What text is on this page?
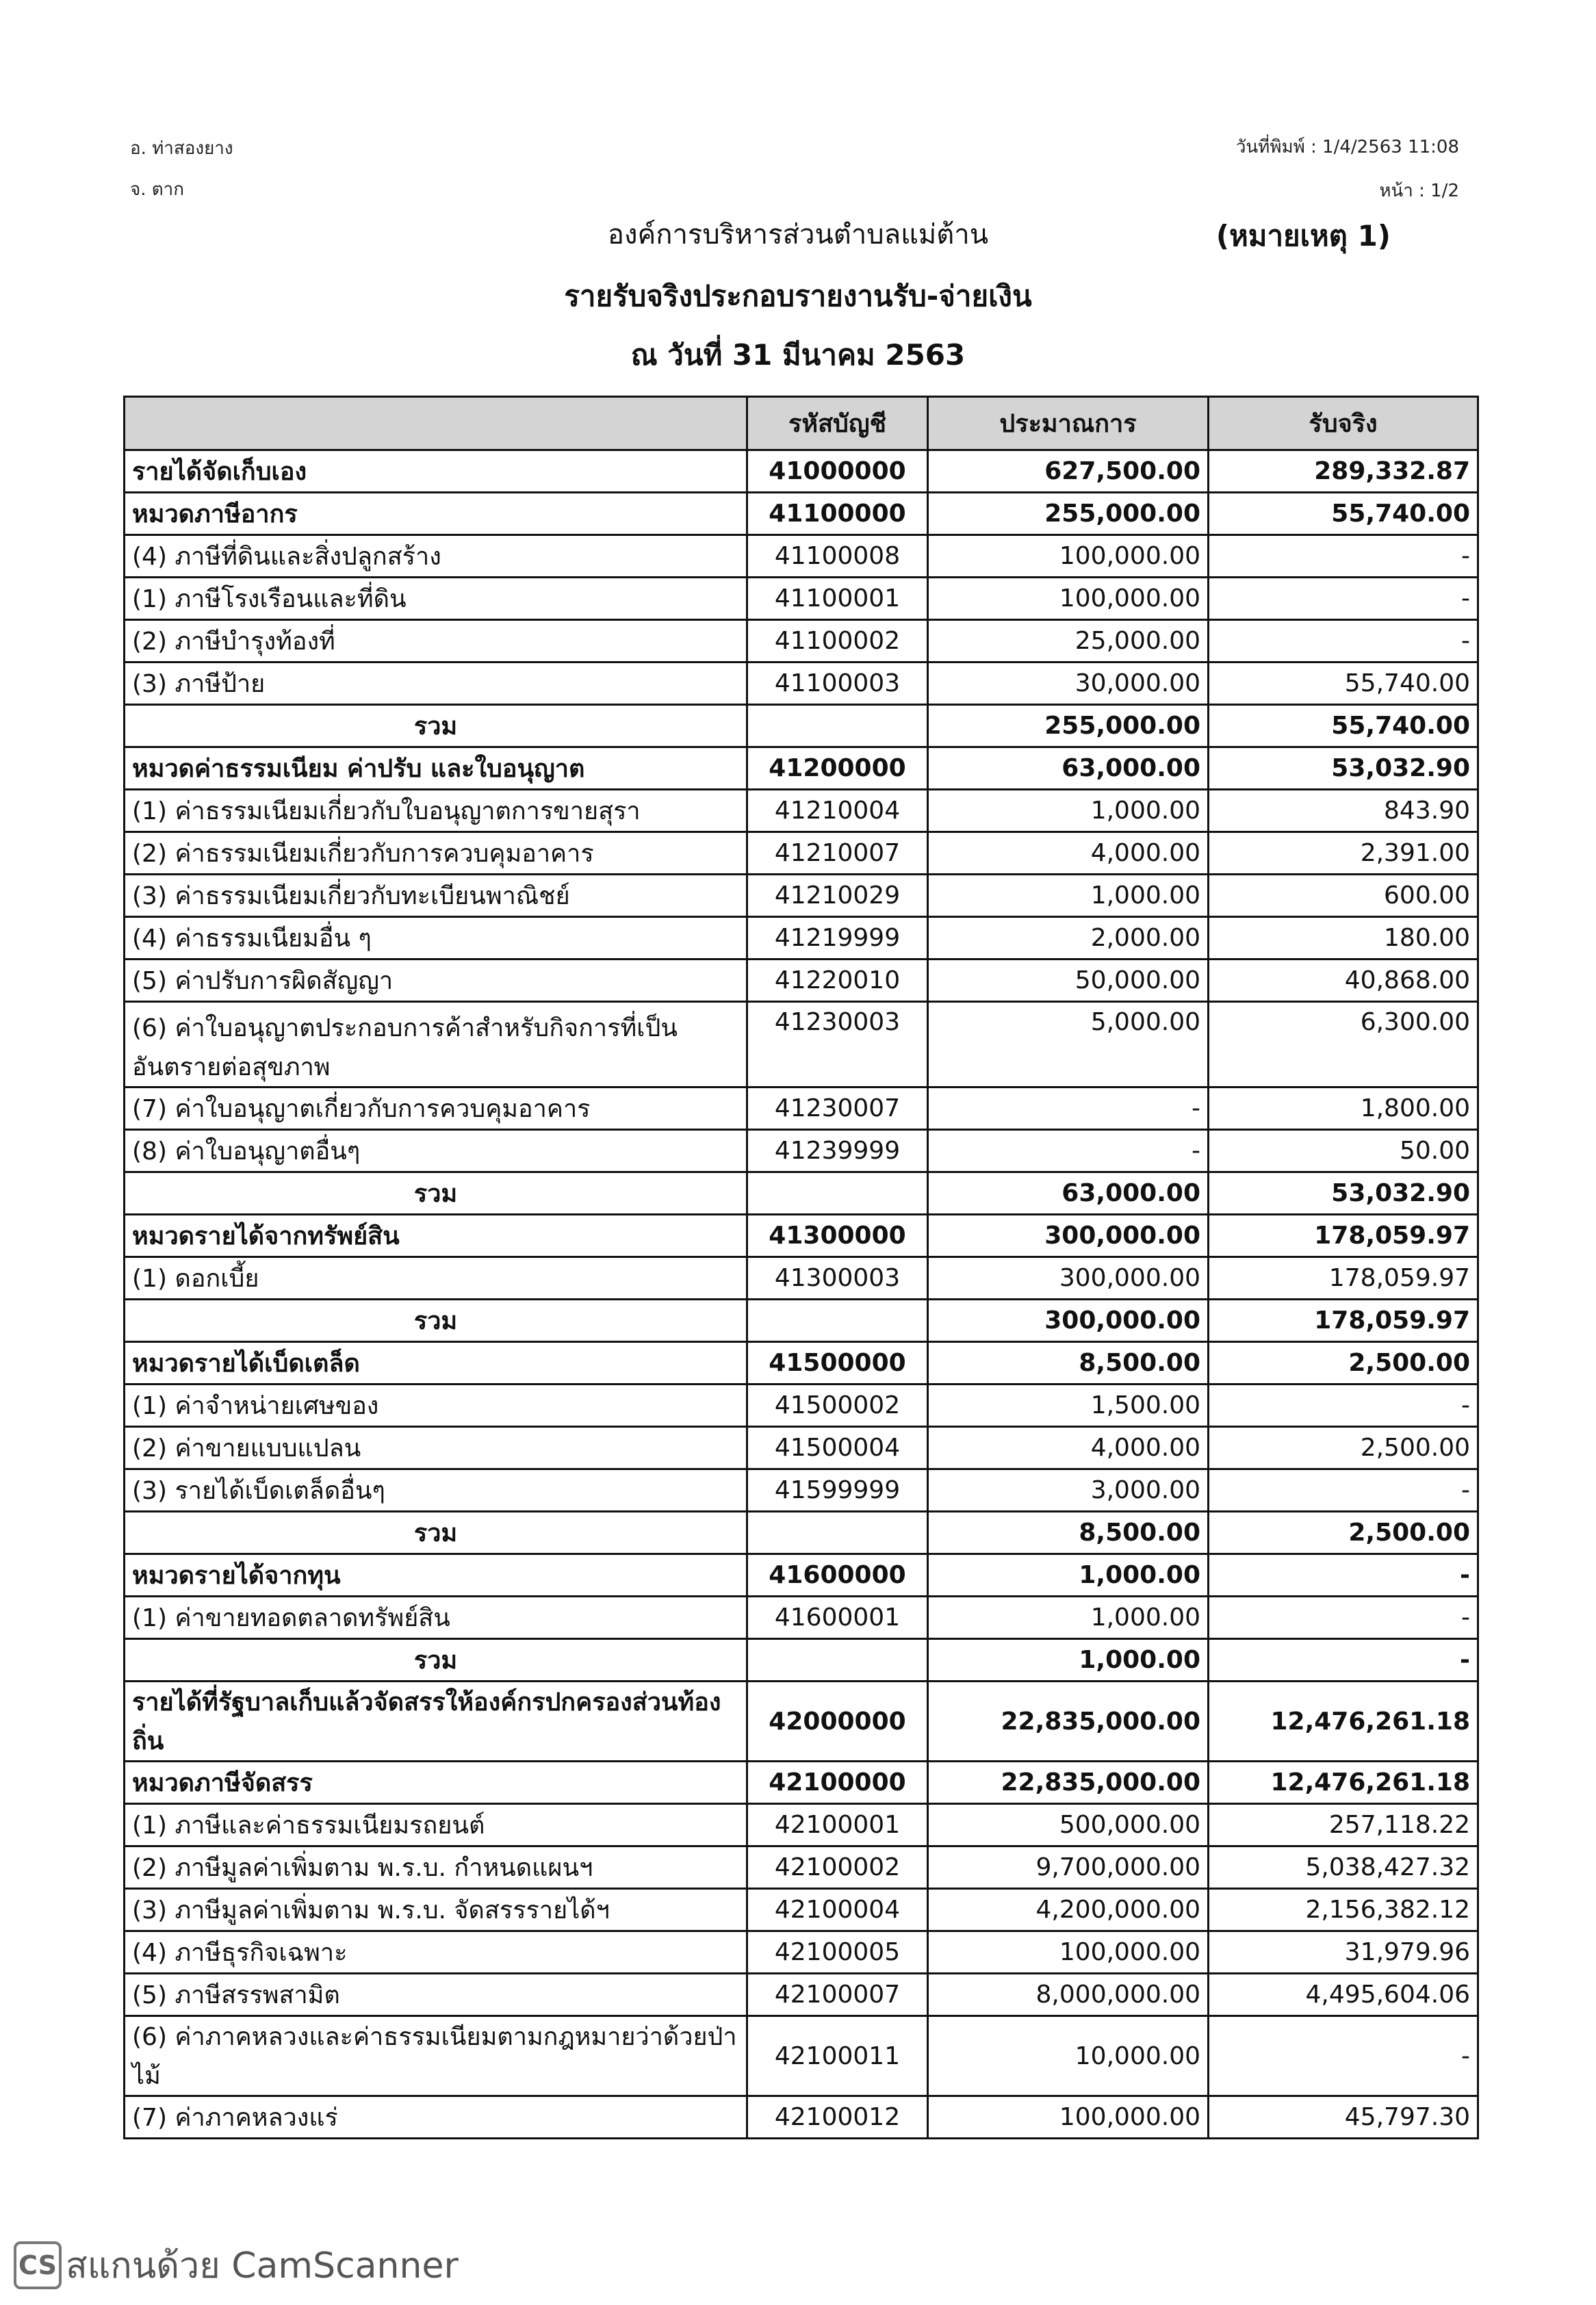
อ. ท่าสองยาง
จ. ตาก
วันที่พิมพ์ : 1/4/2563 11:08
หน้า : 1/2
องค์การบริหารส่วนตำบลแม่ต้าน	(หมายเหตุ 1)
รายรับจริงประกอบรายงานรับ-จ่ายเงิน
ณ วันที่ 31 มีนาคม 2563
	รหัสบัญชี	ประมาณการ	รับจริง
รายได้จัดเก็บเอง	41000000	627,500.00	289,332.87
หมวดภาษีอากร	41100000	255,000.00	55,740.00
(4) ภาษีที่ดินและสิ่งปลูกสร้าง	41100008	100,000.00	-
(1) ภาษีโรงเรือนและที่ดิน	41100001	100,000.00	-
(2) ภาษีบำรุงท้องที่	41100002	25,000.00	-
(3) ภาษีป้าย	41100003	30,000.00	55,740.00
รวม		255,000.00	55,740.00
หมวดค่าธรรมเนียม ค่าปรับ และใบอนุญาต	41200000	63,000.00	53,032.90
(1) ค่าธรรมเนียมเกี่ยวกับใบอนุญาตการขายสุรา	41210004	1,000.00	843.90
(2) ค่าธรรมเนียมเกี่ยวกับการควบคุมอาคาร	41210007	4,000.00	2,391.00
(3) ค่าธรรมเนียมเกี่ยวกับทะเบียนพาณิชย์	41210029	1,000.00	600.00
(4) ค่าธรรมเนียมอื่น ๆ	41219999	2,000.00	180.00
(5) ค่าปรับการผิดสัญญา	41220010	50,000.00	40,868.00
(6) ค่าใบอนุญาตประกอบการค้าสำหรับกิจการที่เป็นอันตรายต่อสุขภาพ	41230003	5,000.00	6,300.00
(7) ค่าใบอนุญาตเกี่ยวกับการควบคุมอาคาร	41230007	-	1,800.00
(8) ค่าใบอนุญาตอื่นๆ	41239999	-	50.00
รวม		63,000.00	53,032.90
หมวดรายได้จากทรัพย์สิน	41300000	300,000.00	178,059.97
(1) ดอกเบี้ย	41300003	300,000.00	178,059.97
รวม		300,000.00	178,059.97
หมวดรายได้เบ็ดเตล็ด	41500000	8,500.00	2,500.00
(1) ค่าจำหน่ายเศษของ	41500002	1,500.00	-
(2) ค่าขายแบบแปลน	41500004	4,000.00	2,500.00
(3) รายได้เบ็ดเตล็ดอื่นๆ	41599999	3,000.00	-
รวม		8,500.00	2,500.00
หมวดรายได้จากทุน	41600000	1,000.00	-
(1) ค่าขายทอดตลาดทรัพย์สิน	41600001	1,000.00	-
รวม		1,000.00	-
รายได้ที่รัฐบาลเก็บแล้วจัดสรรให้องค์กรปกครองส่วนท้องถิ่น	42000000	22,835,000.00	12,476,261.18
หมวดภาษีจัดสรร	42100000	22,835,000.00	12,476,261.18
(1) ภาษีและค่าธรรมเนียมรถยนต์	42100001	500,000.00	257,118.22
(2) ภาษีมูลค่าเพิ่มตาม พ.ร.บ. กำหนดแผนฯ	42100002	9,700,000.00	5,038,427.32
(3) ภาษีมูลค่าเพิ่มตาม พ.ร.บ. จัดสรรรายได้ฯ	42100004	4,200,000.00	2,156,382.12
(4) ภาษีธุรกิจเฉพาะ	42100005	100,000.00	31,979.96
(5) ภาษีสรรพสามิต	42100007	8,000,000.00	4,495,604.06
(6) ค่าภาคหลวงและค่าธรรมเนียมตามกฎหมายว่าด้วยป่าไม้	42100011	10,000.00	-
(7) ค่าภาคหลวงแร่	42100012	100,000.00	45,797.30
CS สแกนด้วย CamScanner
